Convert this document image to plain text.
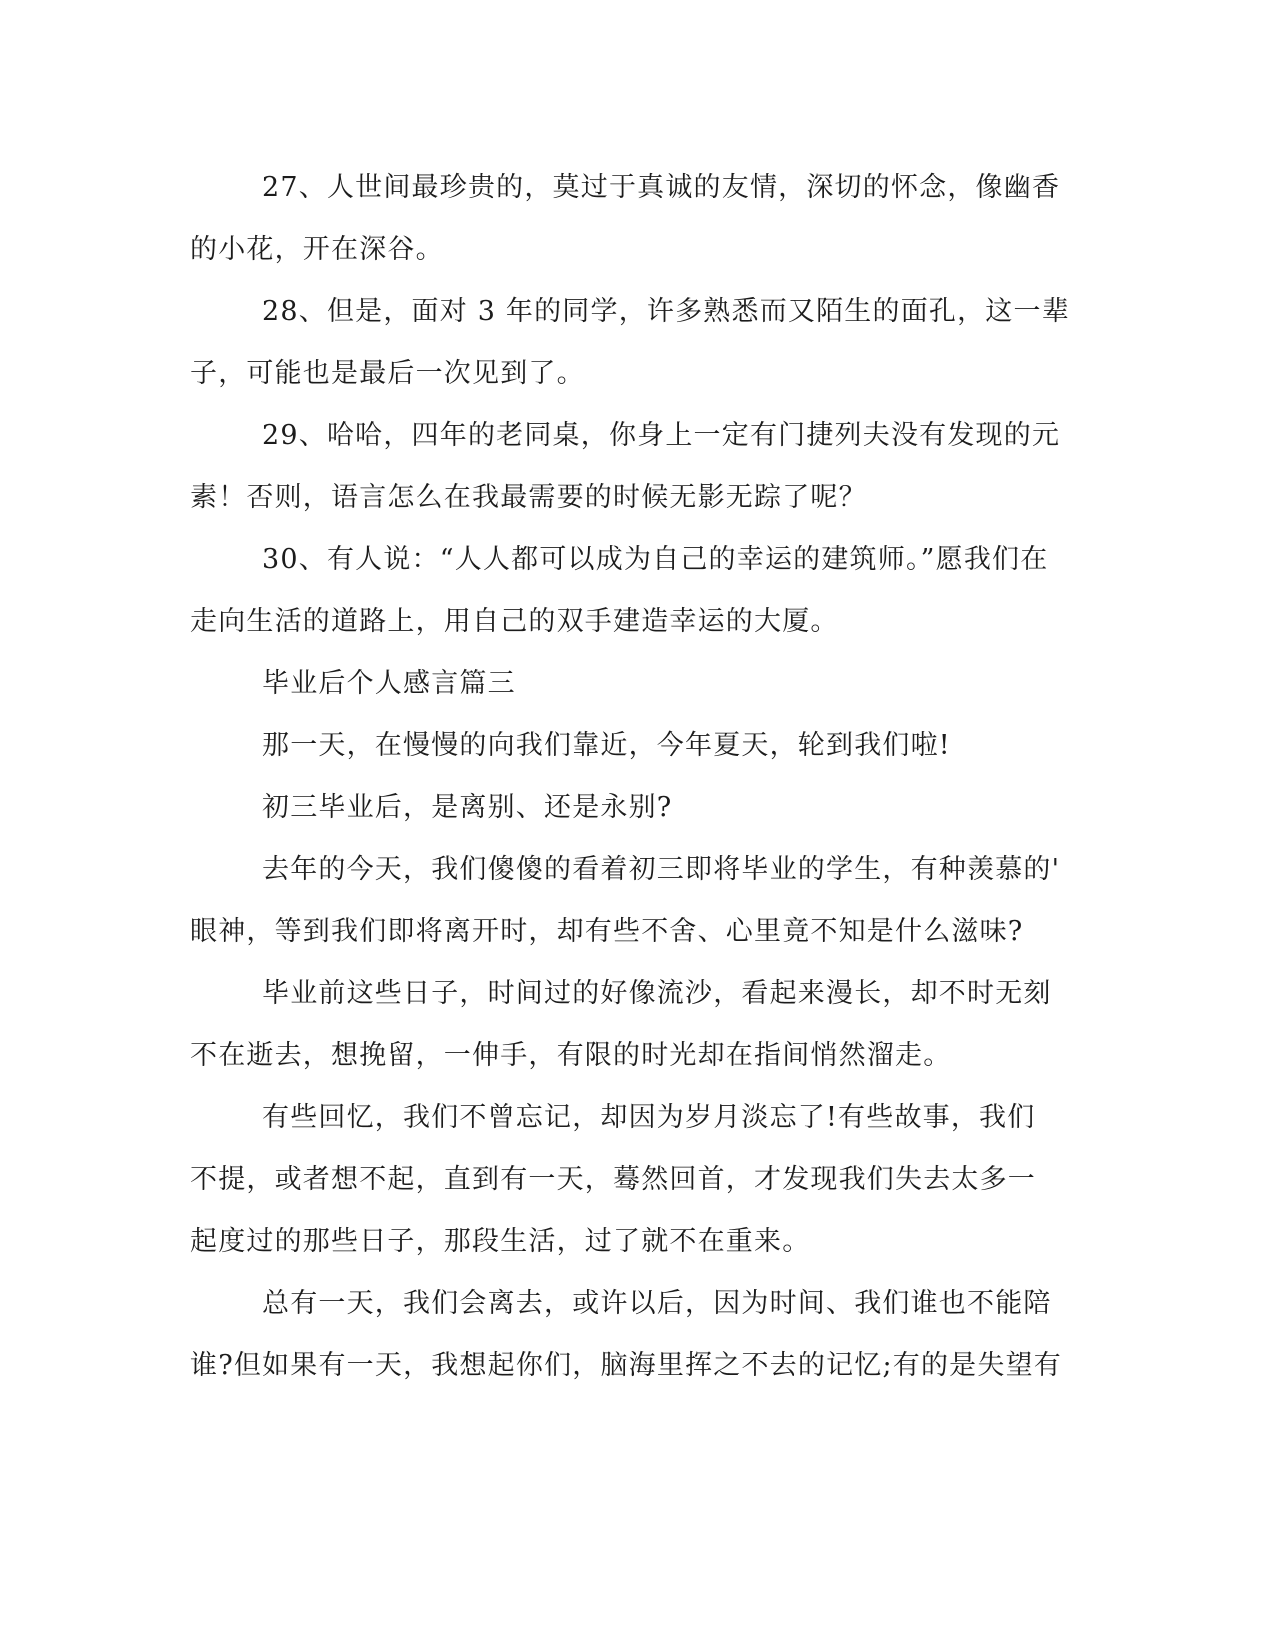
27、人世间最珍贵的，莫过于真诚的友情，深切的怀念，像幽香
的小花，开在深谷。
28、但是，面对 3 年的同学，许多熟悉而又陌生的面孔，这一辈
子，可能也是最后一次见到了。
29、哈哈，四年的老同桌，你身上一定有门捷列夫没有发现的元
素！否则，语言怎么在我最需要的时候无影无踪了呢？
30、有人说：“人人都可以成为自己的幸运的建筑师。”愿我们在
走向生活的道路上，用自己的双手建造幸运的大厦。
毕业后个人感言篇三
那一天，在慢慢的向我们靠近，今年夏天，轮到我们啦!
初三毕业后，是离别、还是永别?
去年的今天，我们傻傻的看着初三即将毕业的学生，有种羡慕的'
眼神，等到我们即将离开时，却有些不舍、心里竟不知是什么滋味?
毕业前这些日子，时间过的好像流沙，看起来漫长，却不时无刻
不在逝去，想挽留，一伸手，有限的时光却在指间悄然溜走。
有些回忆，我们不曾忘记，却因为岁月淡忘了!有些故事，我们
不提，或者想不起，直到有一天，蓦然回首，才发现我们失去太多一
起度过的那些日子，那段生活，过了就不在重来。
总有一天，我们会离去，或许以后，因为时间、我们谁也不能陪
谁?但如果有一天，我想起你们，脑海里挥之不去的记忆;有的是失望有
